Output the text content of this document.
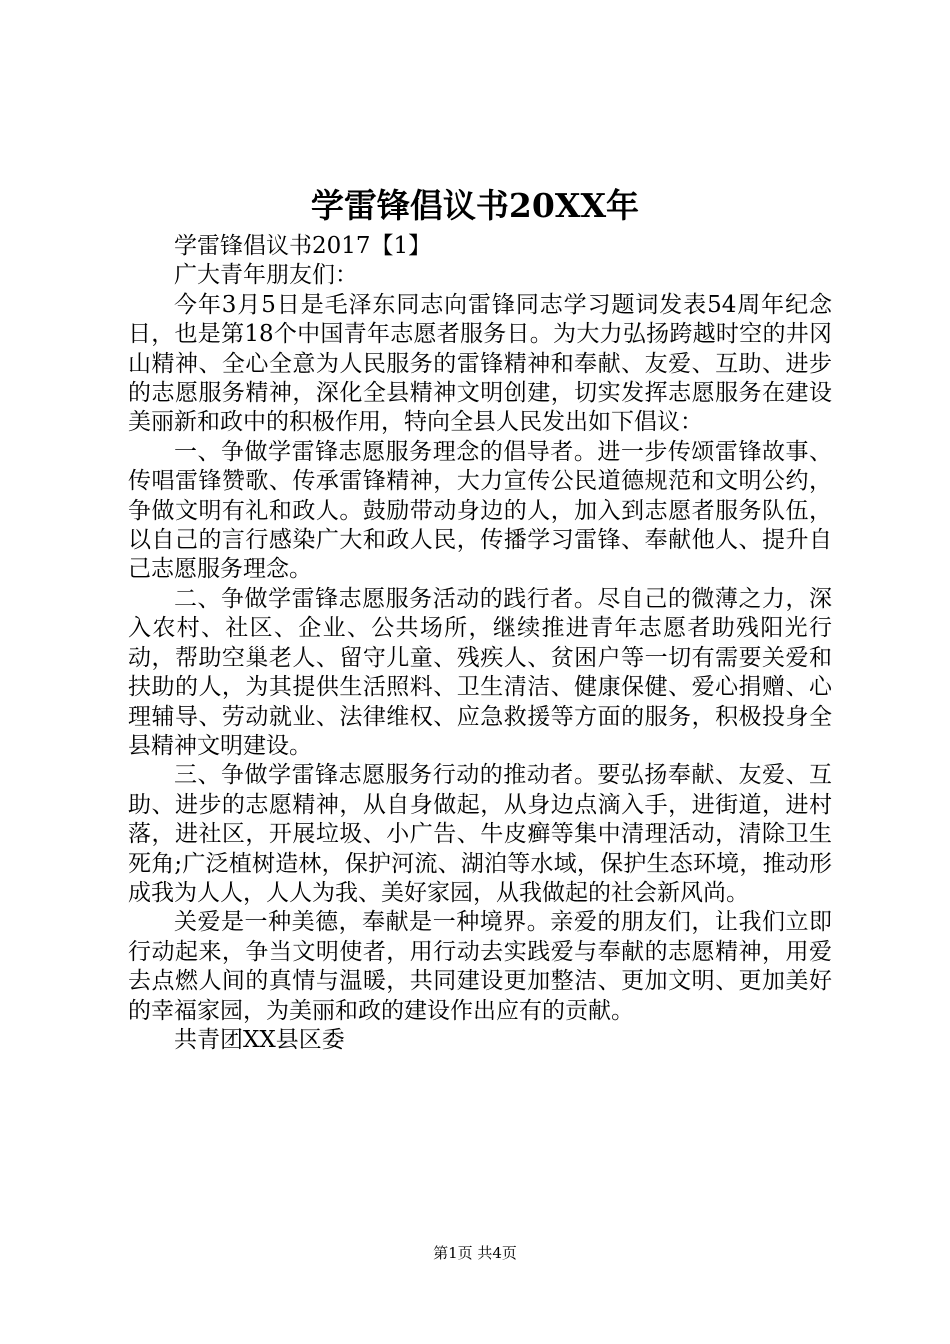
学雷锋倡议书20XX年

学雷锋倡议书2017【1】

广大青年朋友们：

今年3月5日是毛泽东同志向雷锋同志学习题词发表54周年纪念日，也是第18个中国青年志愿者服务日。为大力弘扬跨越时空的井冈山精神、全心全意为人民服务的雷锋精神和奉献、友爱、互助、进步的志愿服务精神，深化全县精神文明创建，切实发挥志愿服务在建设美丽新和政中的积极作用，特向全县人民发出如下倡议：

一、争做学雷锋志愿服务理念的倡导者。进一步传颂雷锋故事、传唱雷锋赞歌、传承雷锋精神，大力宣传公民道德规范和文明公约，争做文明有礼和政人。鼓励带动身边的人，加入到志愿者服务队伍，以自己的言行感染广大和政人民，传播学习雷锋、奉献他人、提升自己志愿服务理念。

二、争做学雷锋志愿服务活动的践行者。尽自己的微薄之力，深入农村、社区、企业、公共场所，继续推进青年志愿者助残阳光行动，帮助空巢老人、留守儿童、残疾人、贫困户等一切有需要关爱和扶助的人，为其提供生活照料、卫生清洁、健康保健、爱心捐赠、心理辅导、劳动就业、法律维权、应急救援等方面的服务，积极投身全县精神文明建设。

三、争做学雷锋志愿服务行动的推动者。要弘扬奉献、友爱、互助、进步的志愿精神，从自身做起，从身边点滴入手，进街道，进村落，进社区，开展垃圾、小广告、牛皮癣等集中清理活动，清除卫生死角;广泛植树造林，保护河流、湖泊等水域，保护生态环境，推动形成我为人人，人人为我、美好家园，从我做起的社会新风尚。

关爱是一种美德，奉献是一种境界。亲爱的朋友们，让我们立即行动起来，争当文明使者，用行动去实践爱与奉献的志愿精神，用爱去点燃人间的真情与温暖，共同建设更加整洁、更加文明、更加美好的幸福家园，为美丽和政的建设作出应有的贡献。

共青团XX县区委

第1页 共4页
